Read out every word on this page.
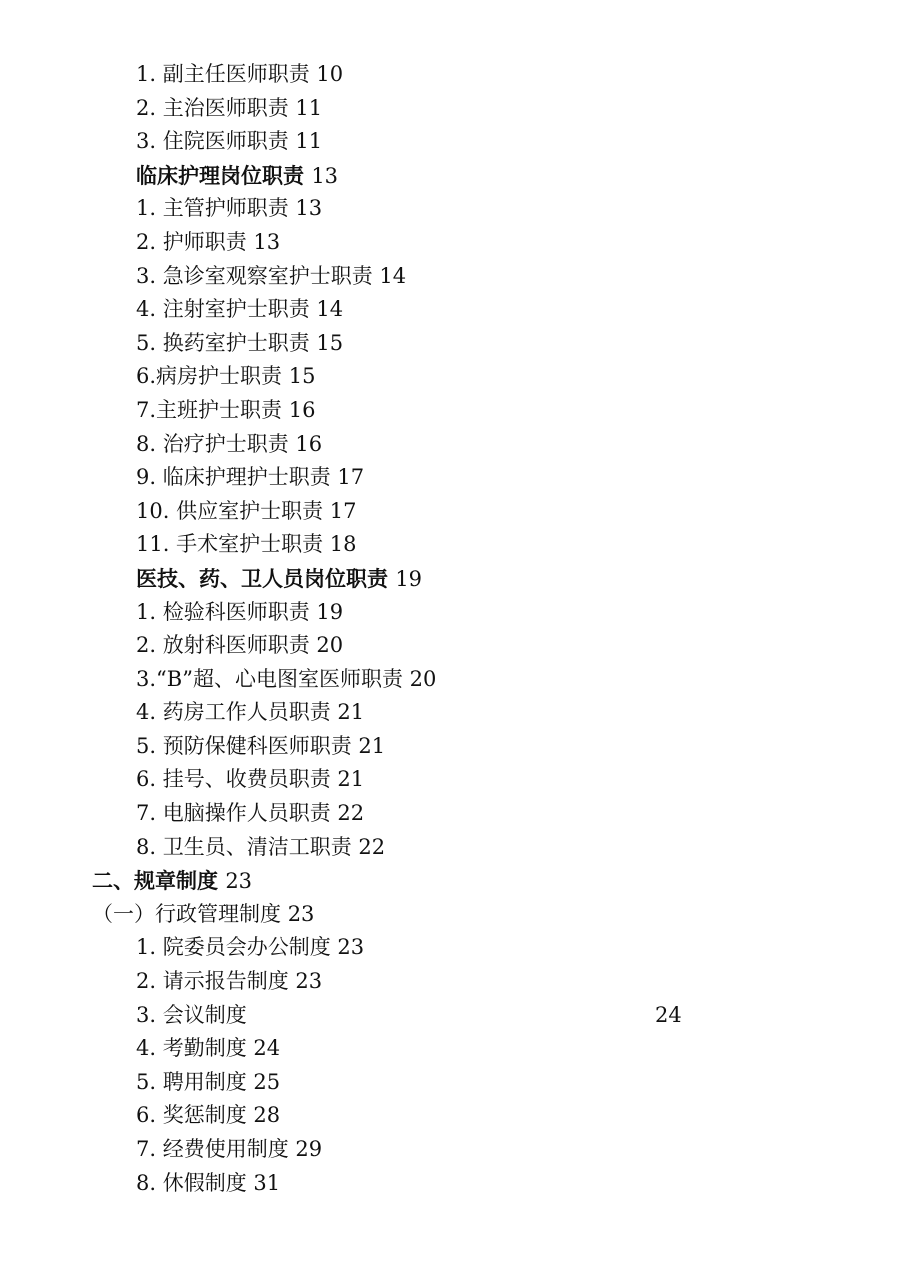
1. 副主任医师职责 10
2. 主治医师职责 11
3. 住院医师职责 11
临床护理岗位职责 13
1. 主管护师职责 13
2. 护师职责 13
3. 急诊室观察室护士职责 14
4. 注射室护士职责 14
5. 换药室护士职责 15
6.病房护士职责 15
7.主班护士职责 16
8. 治疗护士职责 16
9. 临床护理护士职责 17
10. 供应室护士职责 17
11. 手术室护士职责 18
医技、药、卫人员岗位职责 19
1. 检验科医师职责 19
2. 放射科医师职责 20
3.“B”超、心电图室医师职责 20
4. 药房工作人员职责 21
5. 预防保健科医师职责 21
6. 挂号、收费员职责 21
7. 电脑操作人员职责 22
8. 卫生员、清洁工职责 22
二、规章制度 23
（一）行政管理制度 23
1. 院委员会办公制度 23
2. 请示报告制度 23
3. 会议制度	24
4. 考勤制度 24
5. 聘用制度 25
6. 奖惩制度 28
7. 经费使用制度 29
8. 休假制度 31
